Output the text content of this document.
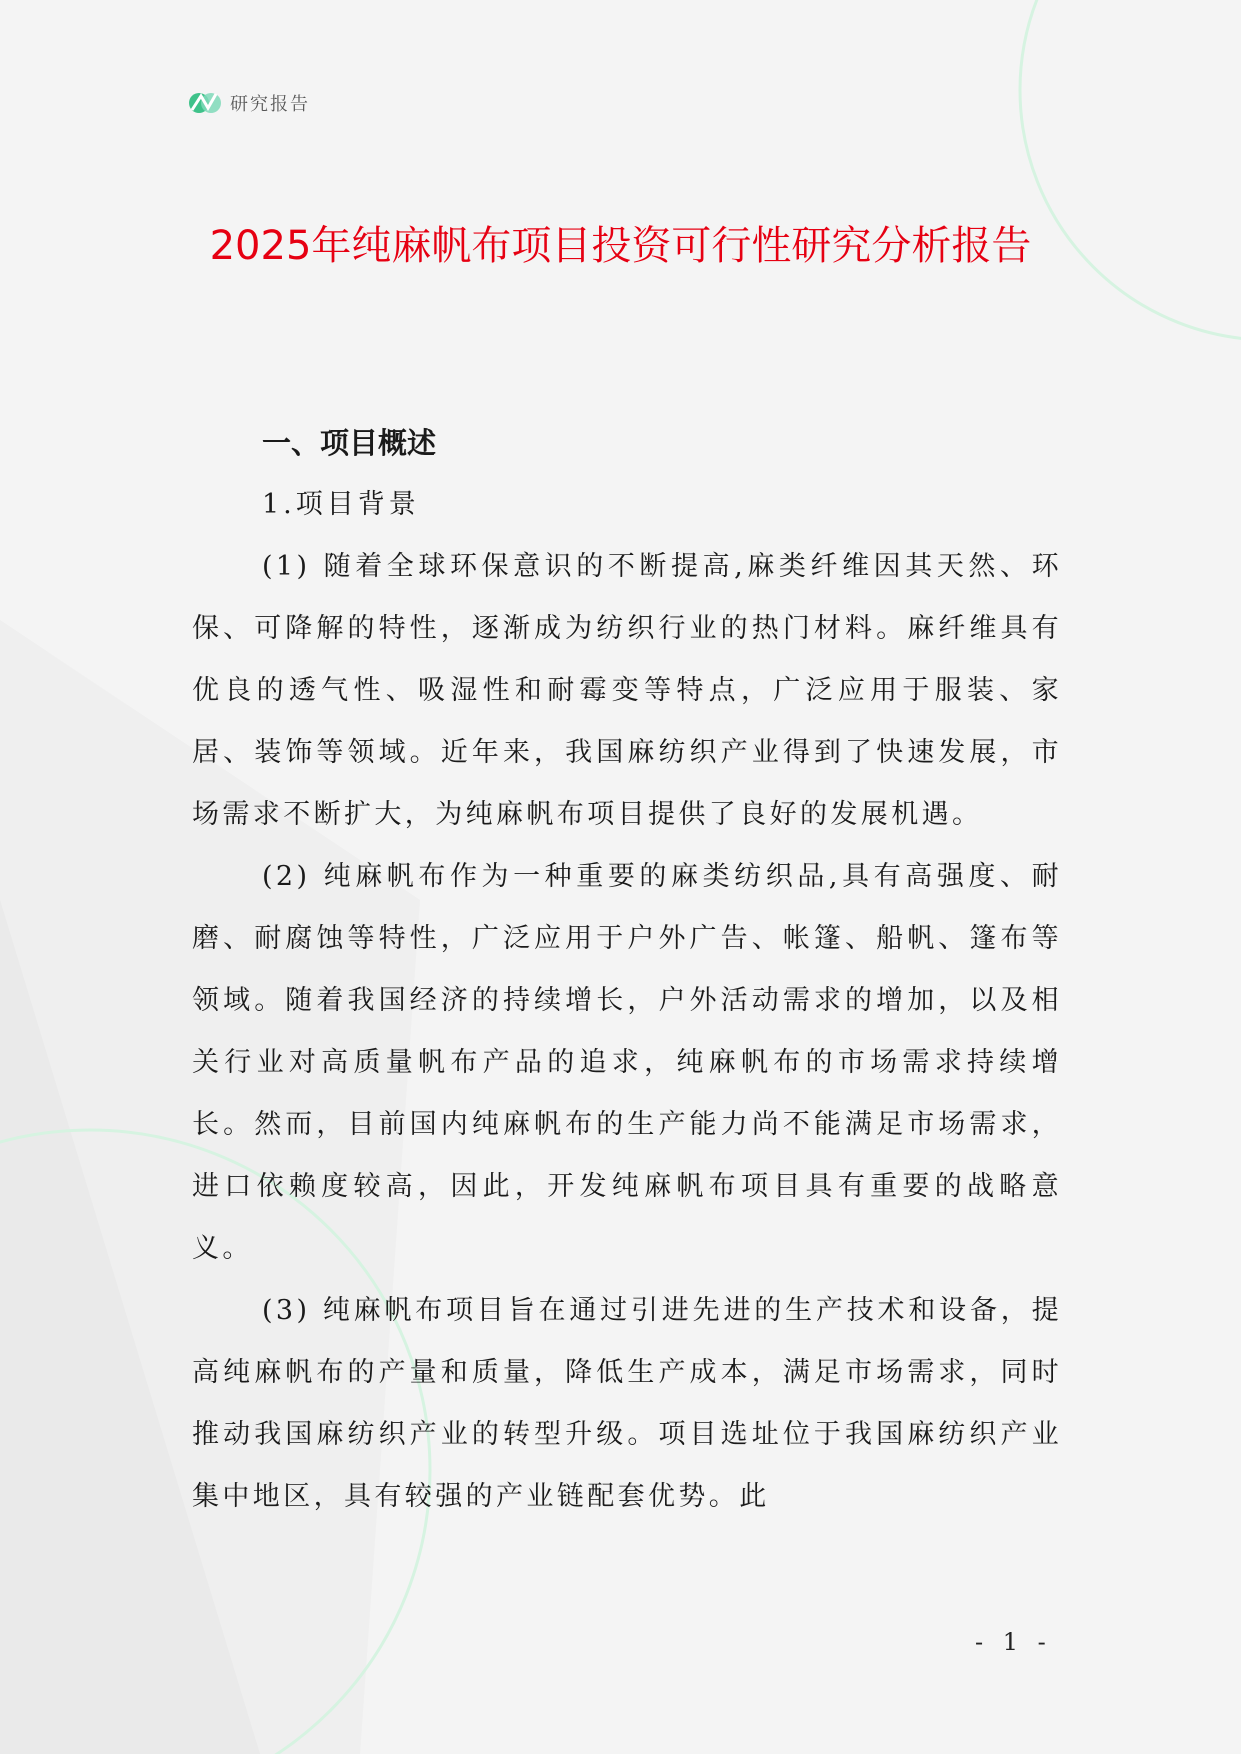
研究报告
2025年纯麻帆布项目投资可行性研究分析报告
一、项目概述
1.项目背景

(1) 随着全球环保意识的不断提高,麻类纤维因其天然、环保、可降解的特性，逐渐成为纺织行业的热门材料。麻纤维具有优良的透气性、吸湿性和耐霉变等特点，广泛应用于服装、家居、装饰等领域。近年来，我国麻纺织产业得到了快速发展，市场需求不断扩大，为纯麻帆布项目提供了良好的发展机遇。

(2) 纯麻帆布作为一种重要的麻类纺织品,具有高强度、耐磨、耐腐蚀等特性，广泛应用于户外广告、帐篷、船帆、篷布等领域。随着我国经济的持续增长，户外活动需求的增加，以及相关行业对高质量帆布产品的追求，纯麻帆布的市场需求持续增长。然而，目前国内纯麻帆布的生产能力尚不能满足市场需求，进口依赖度较高，因此，开发纯麻帆布项目具有重要的战略意义。

(3) 纯麻帆布项目旨在通过引进先进的生产技术和设备，提高纯麻帆布的产量和质量，降低生产成本，满足市场需求，同时推动我国麻纺织产业的转型升级。项目选址位于我国麻纺织产业集中地区，具有较强的产业链配套优势。此

- 1 -
